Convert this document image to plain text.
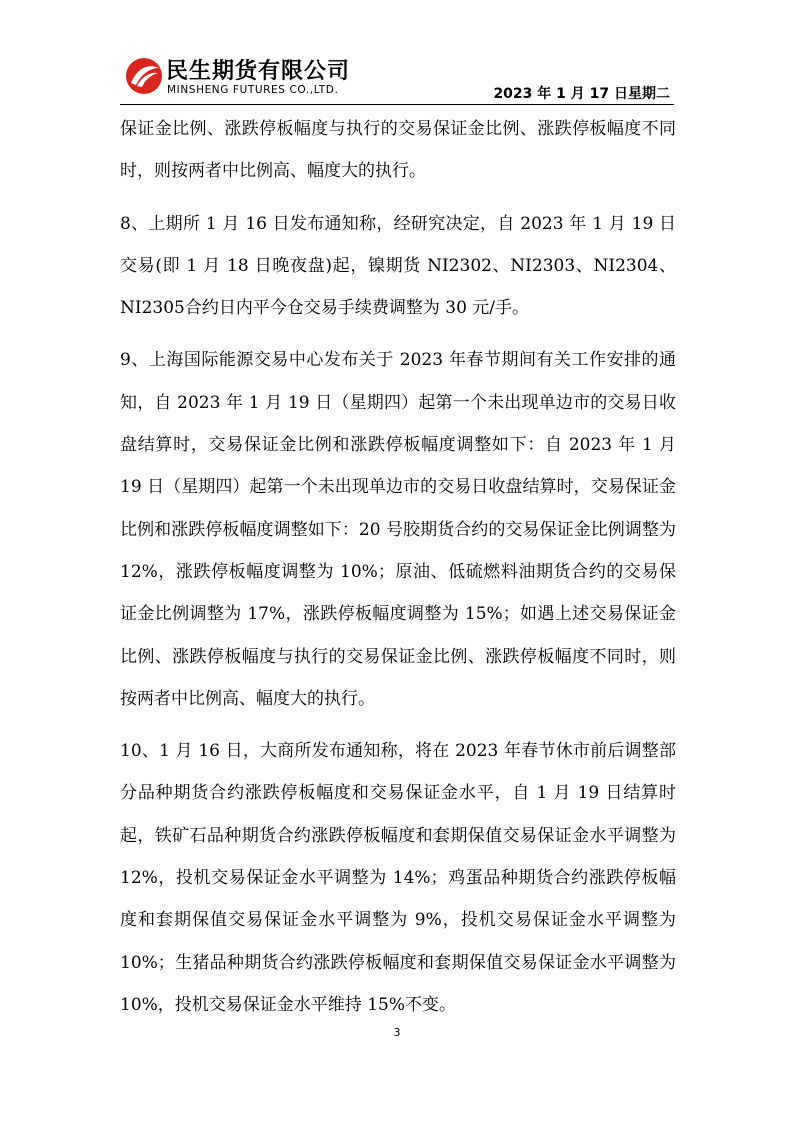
民生期货有限公司
MINSHENG FUTURES CO.,LTD.	2023 年 1 月 17 日星期二

保证金比例、涨跌停板幅度与执行的交易保证金比例、涨跌停板幅度不同时，则按两者中比例高、幅度大的执行。

8、上期所 1 月 16 日发布通知称，经研究决定，自 2023 年 1 月 19 日交易(即 1 月 18 日晚夜盘)起，镍期货 NI2302、NI2303、NI2304、NI2305合约日内平今仓交易手续费调整为 30 元/手。

9、上海国际能源交易中心发布关于 2023 年春节期间有关工作安排的通知，自 2023 年 1 月 19 日（星期四）起第一个未出现单边市的交易日收盘结算时，交易保证金比例和涨跌停板幅度调整如下：自 2023 年 1 月 19 日（星期四）起第一个未出现单边市的交易日收盘结算时，交易保证金比例和涨跌停板幅度调整如下：20 号胶期货合约的交易保证金比例调整为 12%，涨跌停板幅度调整为 10%；原油、低硫燃料油期货合约的交易保证金比例调整为 17%，涨跌停板幅度调整为 15%；如遇上述交易保证金比例、涨跌停板幅度与执行的交易保证金比例、涨跌停板幅度不同时，则按两者中比例高、幅度大的执行。

10、1 月 16 日，大商所发布通知称，将在 2023 年春节休市前后调整部分品种期货合约涨跌停板幅度和交易保证金水平，自 1 月 19 日结算时起，铁矿石品种期货合约涨跌停板幅度和套期保值交易保证金水平调整为 12%，投机交易保证金水平调整为 14%；鸡蛋品种期货合约涨跌停板幅度和套期保值交易保证金水平调整为 9%，投机交易保证金水平调整为 10%；生猪品种期货合约涨跌停板幅度和套期保值交易保证金水平调整为 10%，投机交易保证金水平维持 15%不变。

3
